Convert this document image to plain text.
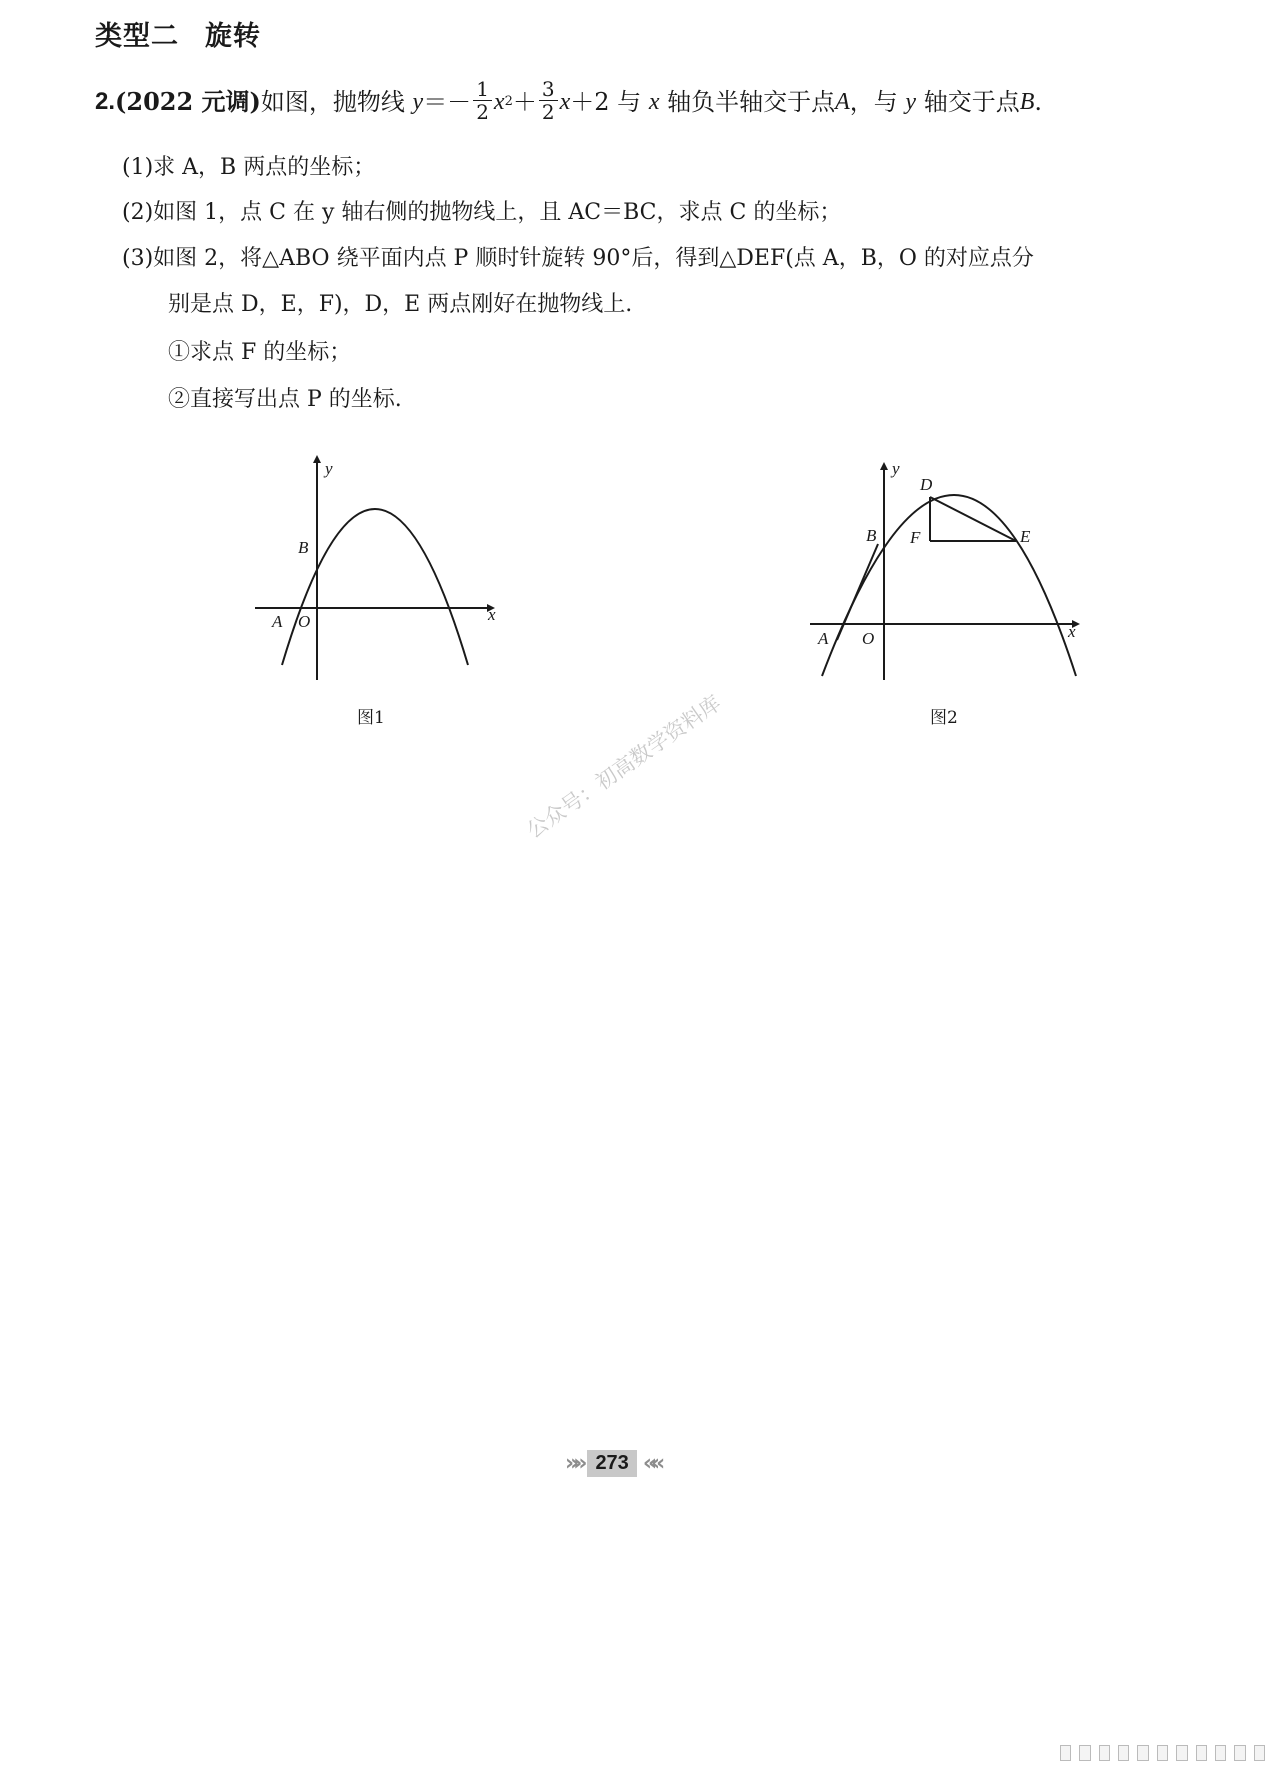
类型二 旋转
2. (2022 元调) 如图，抛物线
$y =- \frac{1}{2}$ x $2 + \frac{3}{2}$ x ＋2
与
x
轴负半轴交于点 A ，与
y
轴交于点 B .
(1)求 A，B 两点的坐标；
(2)如图 1，点 C 在 y 轴右侧的抛物线上，且 AC＝BC，求点 C 的坐标；
(3)如图 2，将△ABO 绕平面内点 P 顺时针旋转 90°后，得到△DEF(点 A，B，O 的对应点分
别是点 D，E，F)，D，E 两点刚好在抛物线上.
①求点 F 的坐标；
②直接写出点 P 的坐标.
y
x
B
A O
图1
y
x
D
B F	E
A O
图2
公众号：初高数学资料库
»» 273 ««
